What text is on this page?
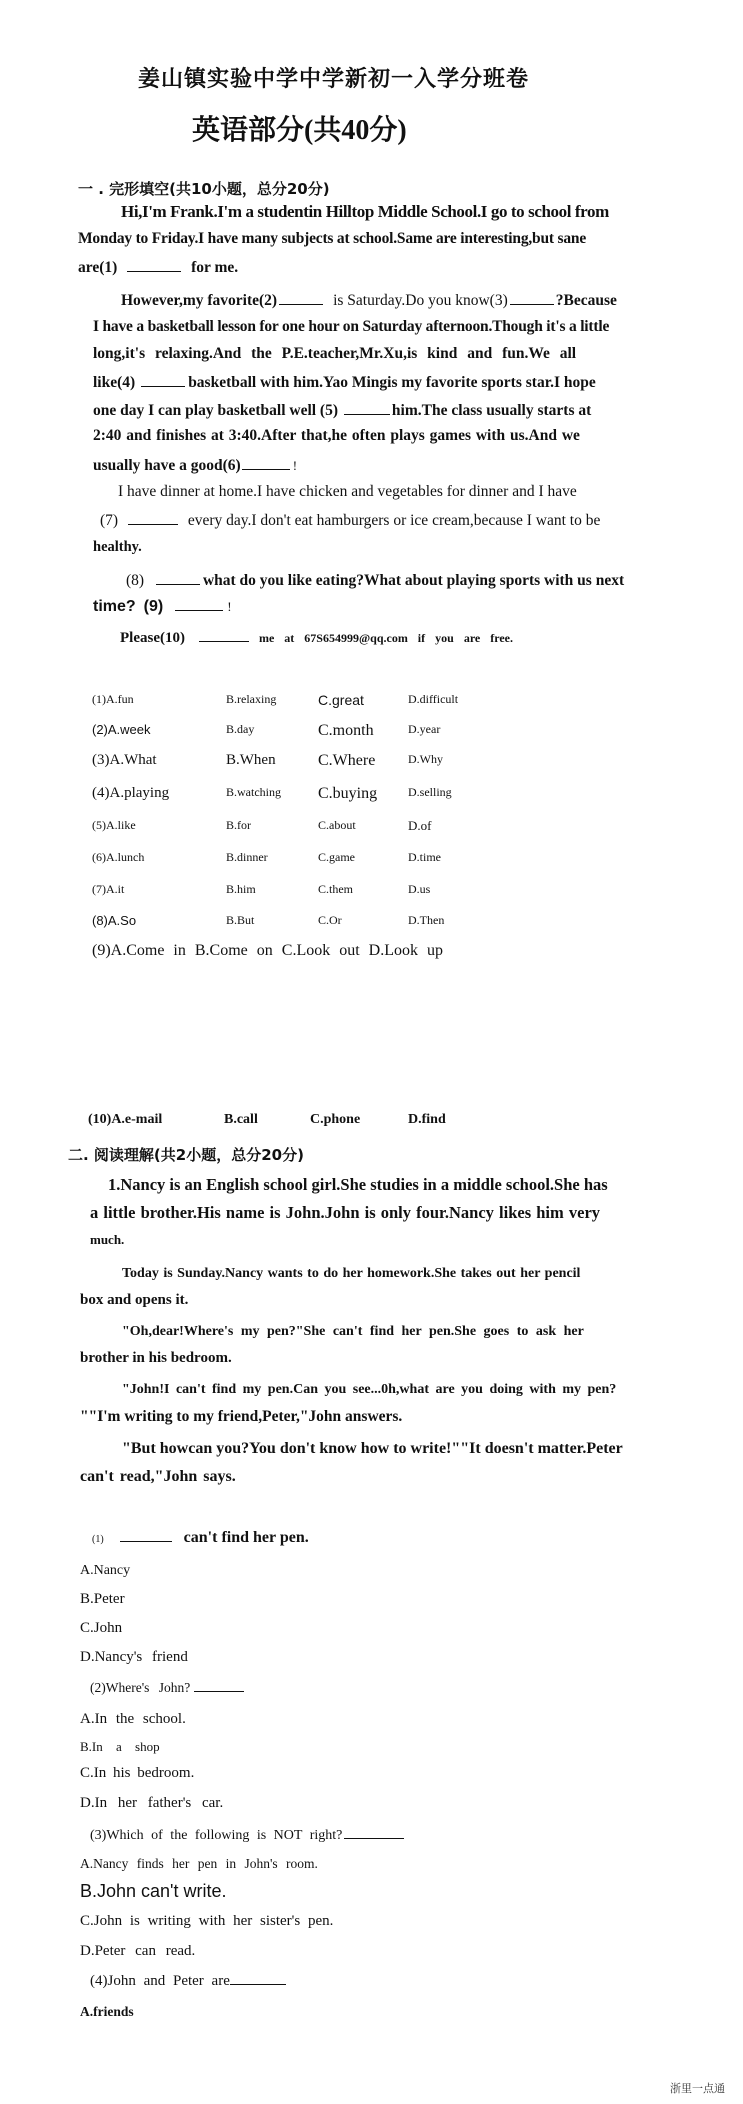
姜山镇实验中学中学新初一入学分班卷
英语部分(共40分)
一 . 完形填空(共10小题，总分20分)
Hi,I'm Frank.I'm a studentin Hilltop Middle School.I go to school from
Monday to Friday.I have many subjects at school.Same are interesting,but sane
are(1)	for me.
However,my favorite(2)	is Saturday.Do you know(3)	?Because
I have a basketball lesson for one hour on Saturday afternoon.Though it's a little
long,it's relaxing.And the P.E.teacher,Mr.Xu,is kind and fun.We all
like(4)	basketball with him.Yao Mingis my favorite sports star.I hope
one day I can play basketball well (5)	him.The class usually starts at
2:40 and finishes at 3:40.After that,he often plays games with us.And we
usually have a good(6)	!
I have dinner at home.I have chicken and vegetables for dinner and I have
(7)	every day.I don't eat hamburgers or ice cream,because I want to be
healthy.
(8)	what do you like eating?What about playing sports with us next
time? (9)	!
Please(10)	me at 67S654999@qq.com if you are free.
(1)A.fun	B.relaxing	C.great	D.difficult
(2)A.week	B.day	C.month	D.year
(3)A.What	B.When	C.Where	D.Why
(4)A.playing	B.watching C.buying	D.selling
(5)A.like	B.for	C.about	D.of
(6)A.lunch	B.dinner	C.game	D.time
(7)A.it	B.him	C.them	D.us
(8)A.So	B.But	C.Or	D.Then
(9)A.Come in B.Come on C.Look out D.Look up
(10)A.e-mail	B.call	C.phone	D.find
二. 阅读理解(共2小题，总分20分)
1.Nancy is an English school girl.She studies in a middle school.She has
a little brother.His name is John.John is only four.Nancy likes him very
much.
Today is Sunday.Nancy wants to do her homework.She takes out her pencil
box and opens it.
"Oh,dear!Where's my pen?"She can't find her pen.She goes to ask her
brother in his bedroom.
"John!I can't find my pen.Can you see...0h,what are you doing with my pen?
""I'm writing to my friend,Peter,"John answers.
"But howcan you?You don't know how to write!""It doesn't matter.Peter
can't read,"John says.
(1)	can't find her pen.
A.Nancy
B.Peter
C.John
D.Nancy's friend
(2)Where's John?
A.In the school.
B.In a shop
C.In his bedroom.
D.In her father's car.
(3)Which of the following is NOT right?
A.Nancy finds her pen in John's room.
B.John can't write.
C.John is writing with her sister's pen.
D.Peter can read.
(4)John and Peter are
A.friends
浙里一点通
